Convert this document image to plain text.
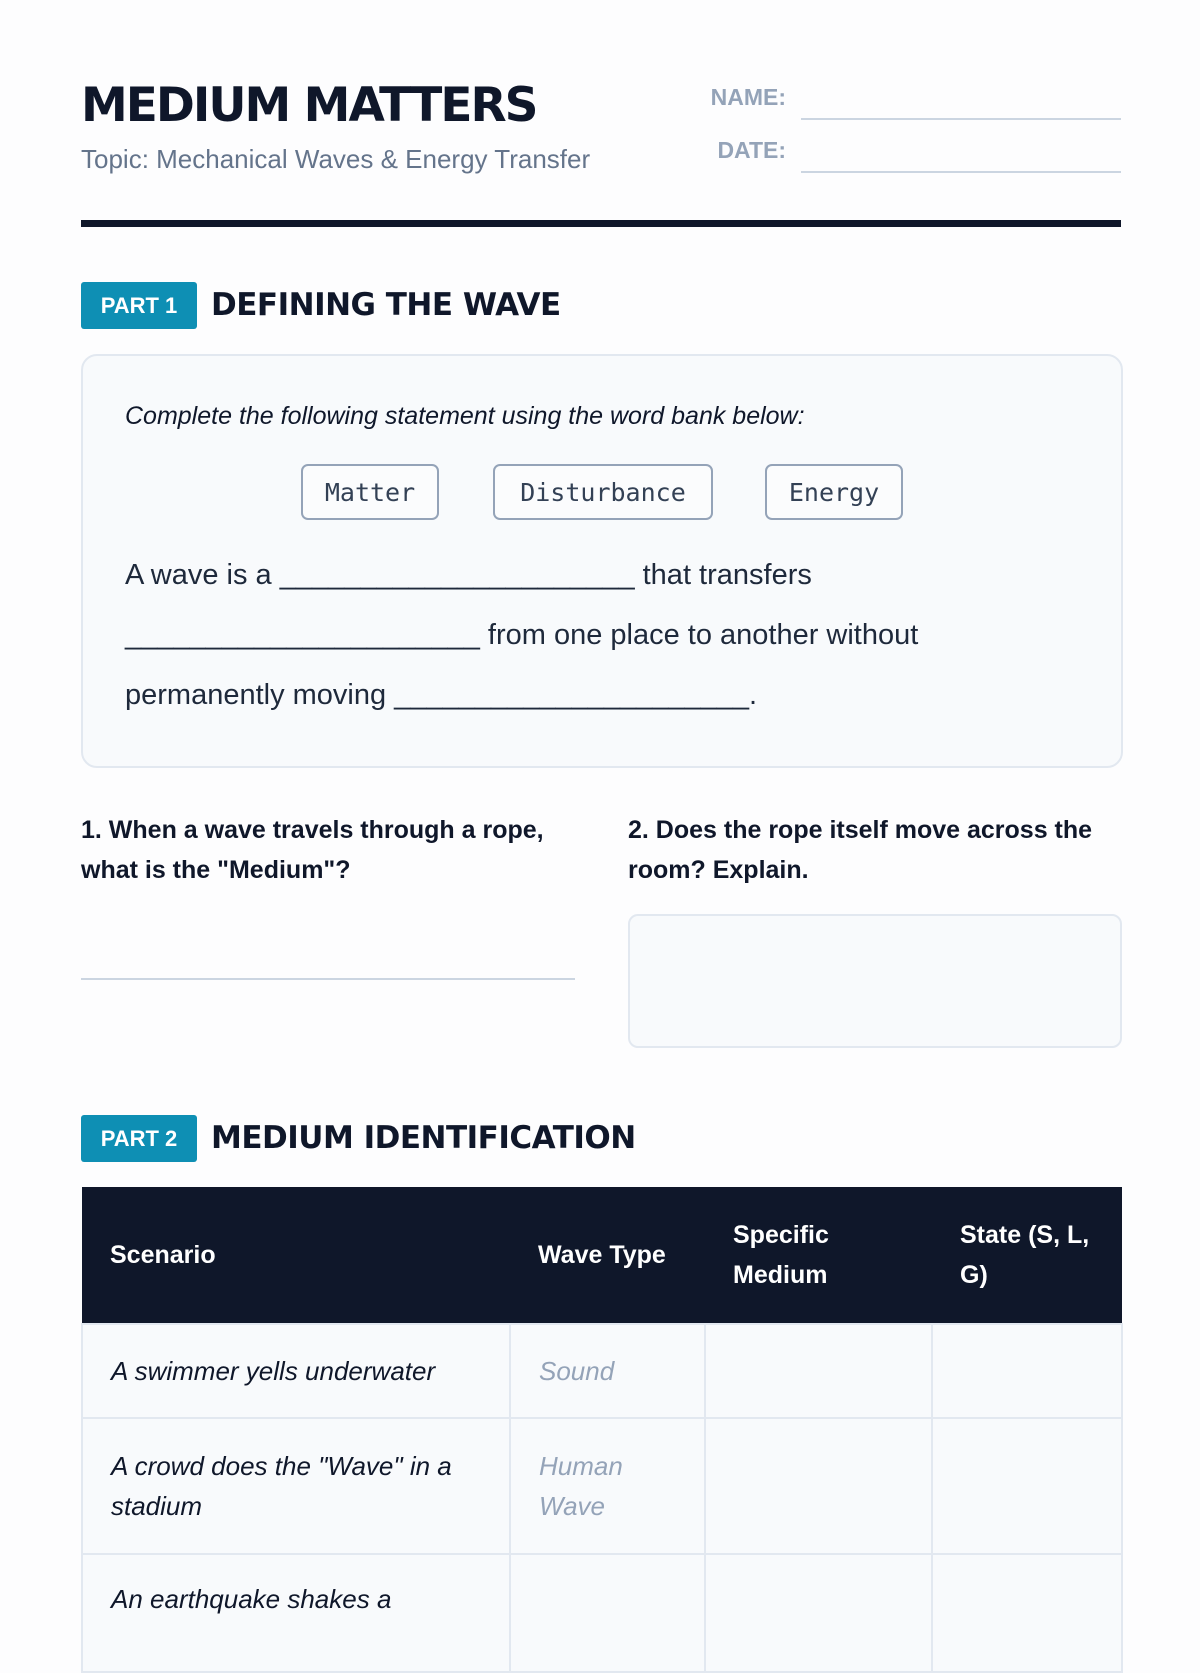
MEDIUM MATTERS
Topic: Mechanical Waves & Energy Transfer
NAME:
DATE:
PART 1	DEFINING THE WAVE
Complete the following statement using the word bank below:
Matter	Disturbance	Energy
A wave is a ______________________ that transfers
______________________ from one place to another without
permanently moving ______________________.
1. When a wave travels through a rope, what is the "Medium"?
2. Does the rope itself move across the room? Explain.
PART 2	MEDIUM IDENTIFICATION
Scenario	Wave Type	Specific Medium	State (S, L, G)
A swimmer yells underwater	Sound		
A crowd does the "Wave" in a stadium	Human Wave		
An earthquake shakes a			
